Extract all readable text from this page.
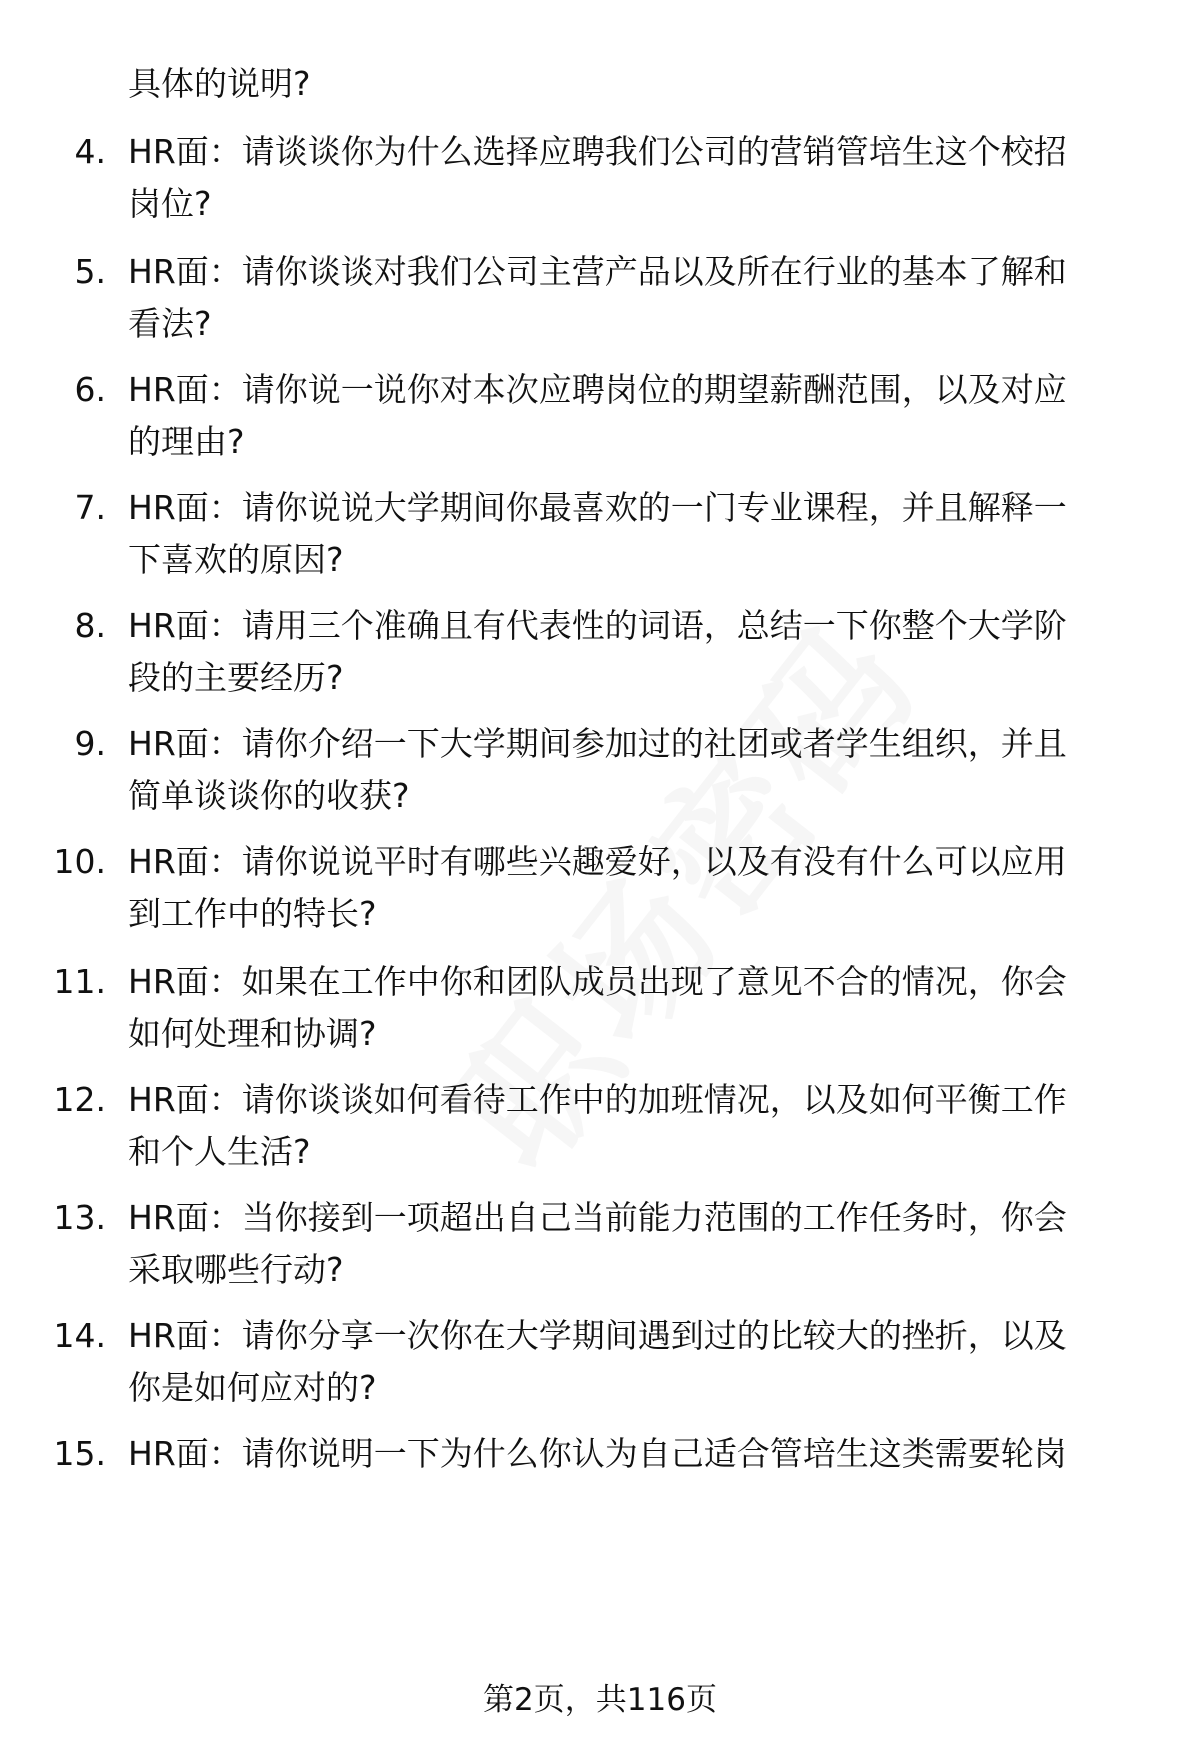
具体的说明?
4. HR面：请谈谈你为什么选择应聘我们公司的营销管培生这个校招
岗位?
5. HR面：请你谈谈对我们公司主营产品以及所在行业的基本了解和
看法?
6. HR面：请你说一说你对本次应聘岗位的期望薪酬范围，以及对应
的理由?
7. HR面：请你说说大学期间你最喜欢的一门专业课程，并且解释一
下喜欢的原因?
8. HR面：请用三个准确且有代表性的词语，总结一下你整个大学阶
段的主要经历?
9. HR面：请你介绍一下大学期间参加过的社团或者学生组织，并且
简单谈谈你的收获?
10. HR面：请你说说平时有哪些兴趣爱好，以及有没有什么可以应用
到工作中的特长?
11. HR面：如果在工作中你和团队成员出现了意见不合的情况，你会
如何处理和协调?
12. HR面：请你谈谈如何看待工作中的加班情况，以及如何平衡工作
和个人生活?
13. HR面：当你接到一项超出自己当前能力范围的工作任务时，你会
采取哪些行动?
14. HR面：请你分享一次你在大学期间遇到过的比较大的挫折，以及
你是如何应对的?
15. HR面：请你说明一下为什么你认为自己适合管培生这类需要轮岗
第2页，共116页
